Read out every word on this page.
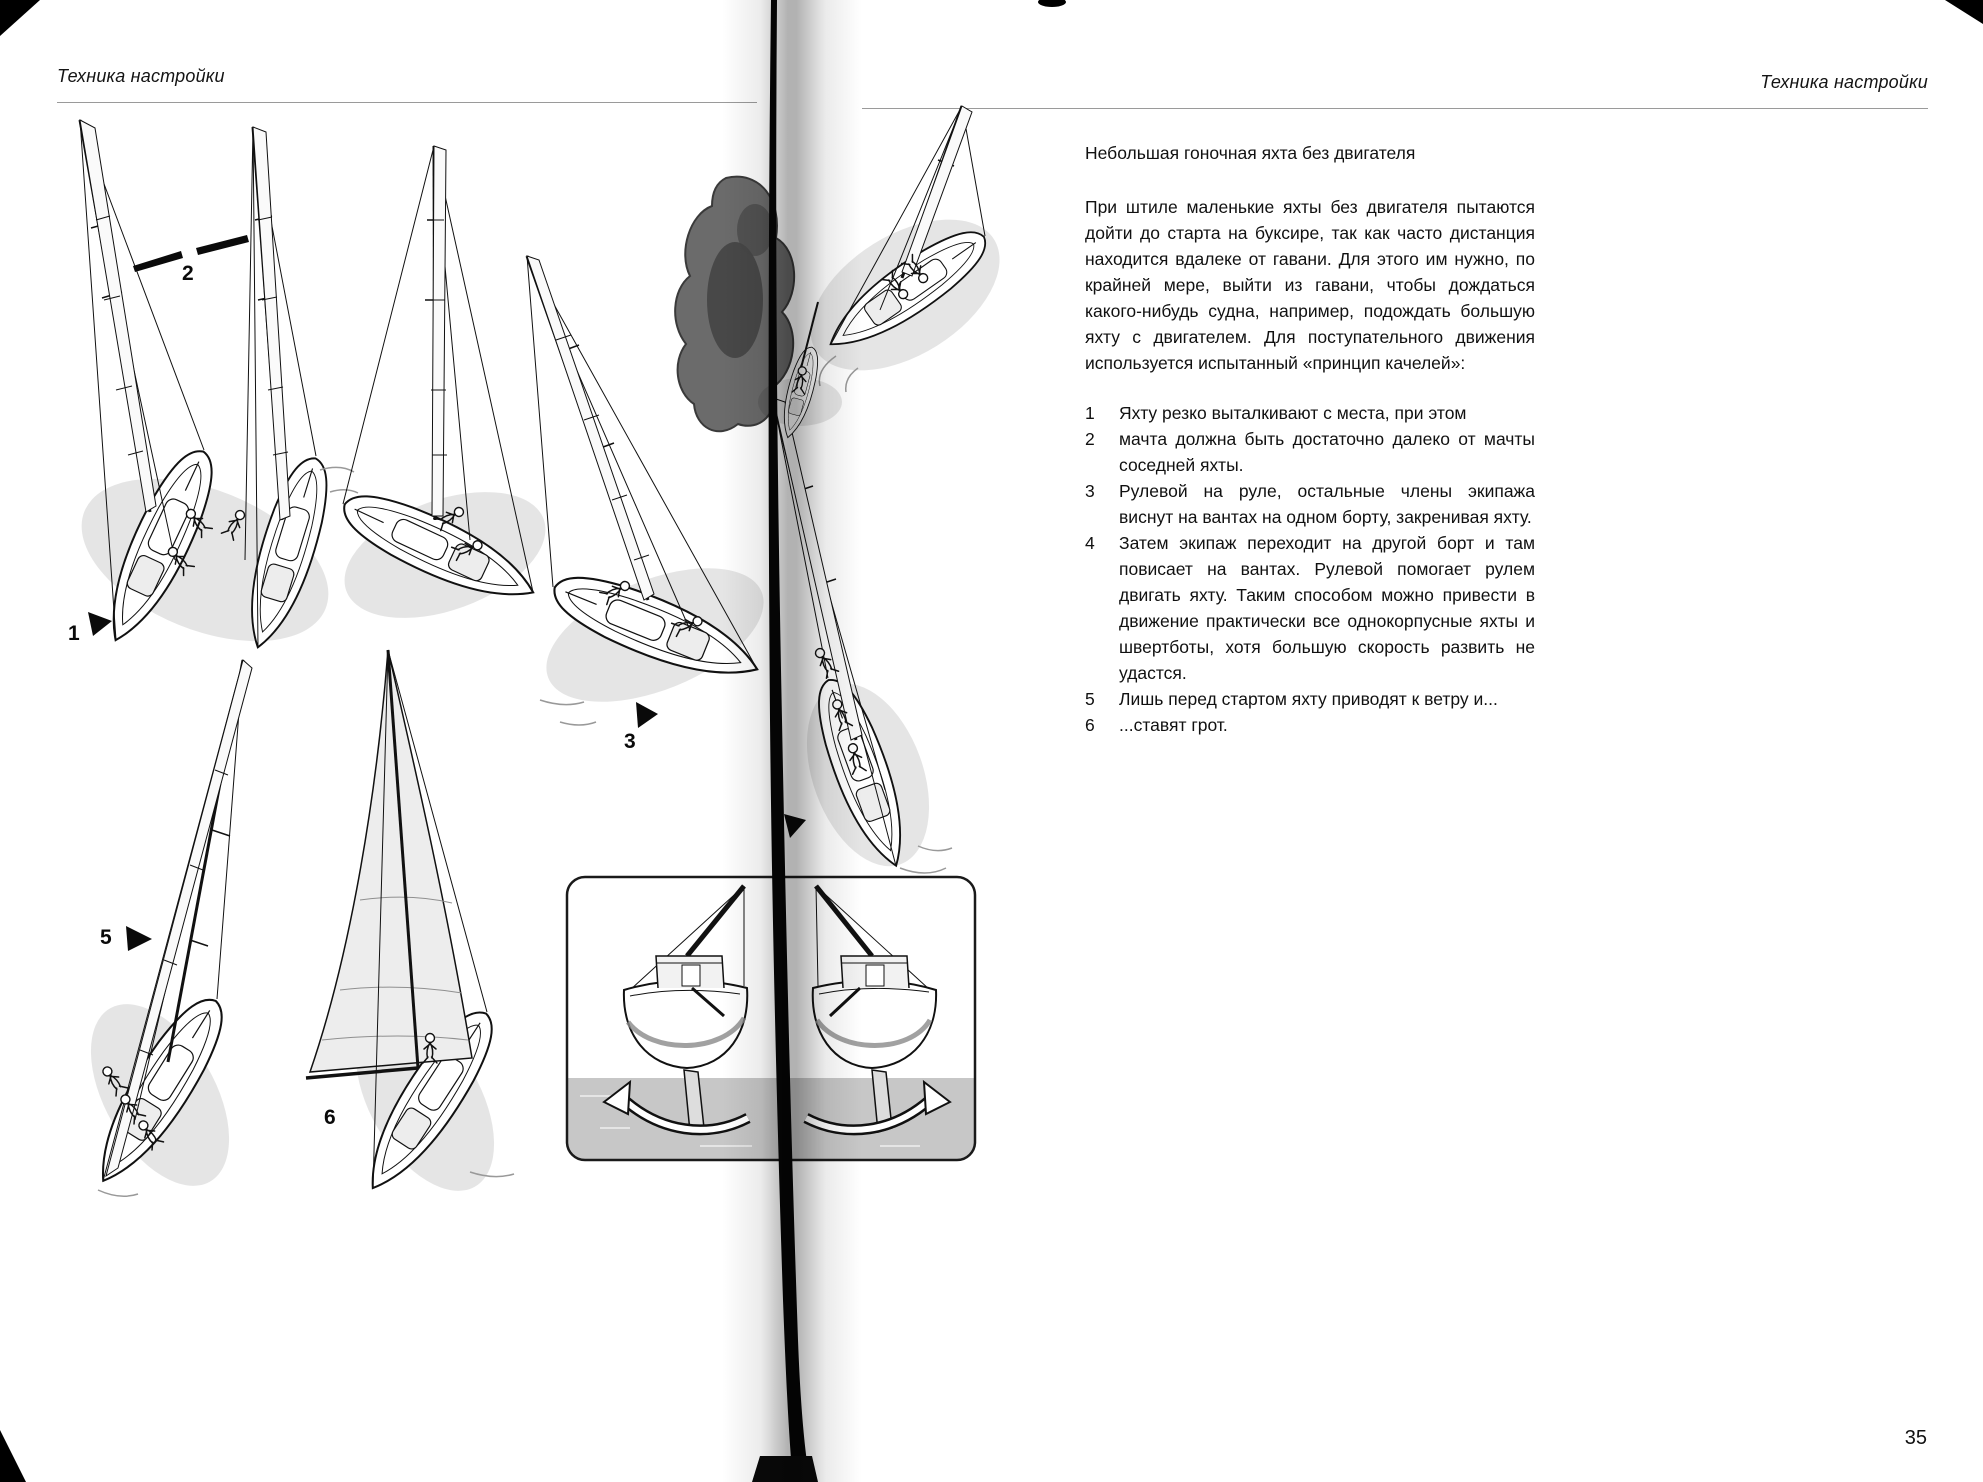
Техника настройки	Техника настройки
1
2
3
5
6

Небольшая гоночная яхта без двигателя

При штиле маленькие яхты без двигателя пытаются дойти до старта на буксире, так как часто дистанция находится вдалеке от гавани. Для этого им нужно, по крайней мере, выйти из гавани, чтобы дождаться какого-нибудь судна, например, подождать большую яхту с двигателем. Для поступательного движения используется испытанный «принцип качелей»:

1	Яхту резко выталкивают с места, при этом
2	мачта должна быть достаточно далеко от мачты соседней яхты.
3	Рулевой на руле, остальные члены экипажа виснут на вантах на одном борту, закренивая яхту.
4	Затем экипаж переходит на другой борт и там повисает на вантах. Рулевой помогает рулем двигать яхту. Таким способом можно привести в движение практически все однокорпусные яхты и швертботы, хотя большую скорость развить не удастся.
5	Лишь перед стартом яхту приводят к ветру и...
6	...ставят грот.
35
